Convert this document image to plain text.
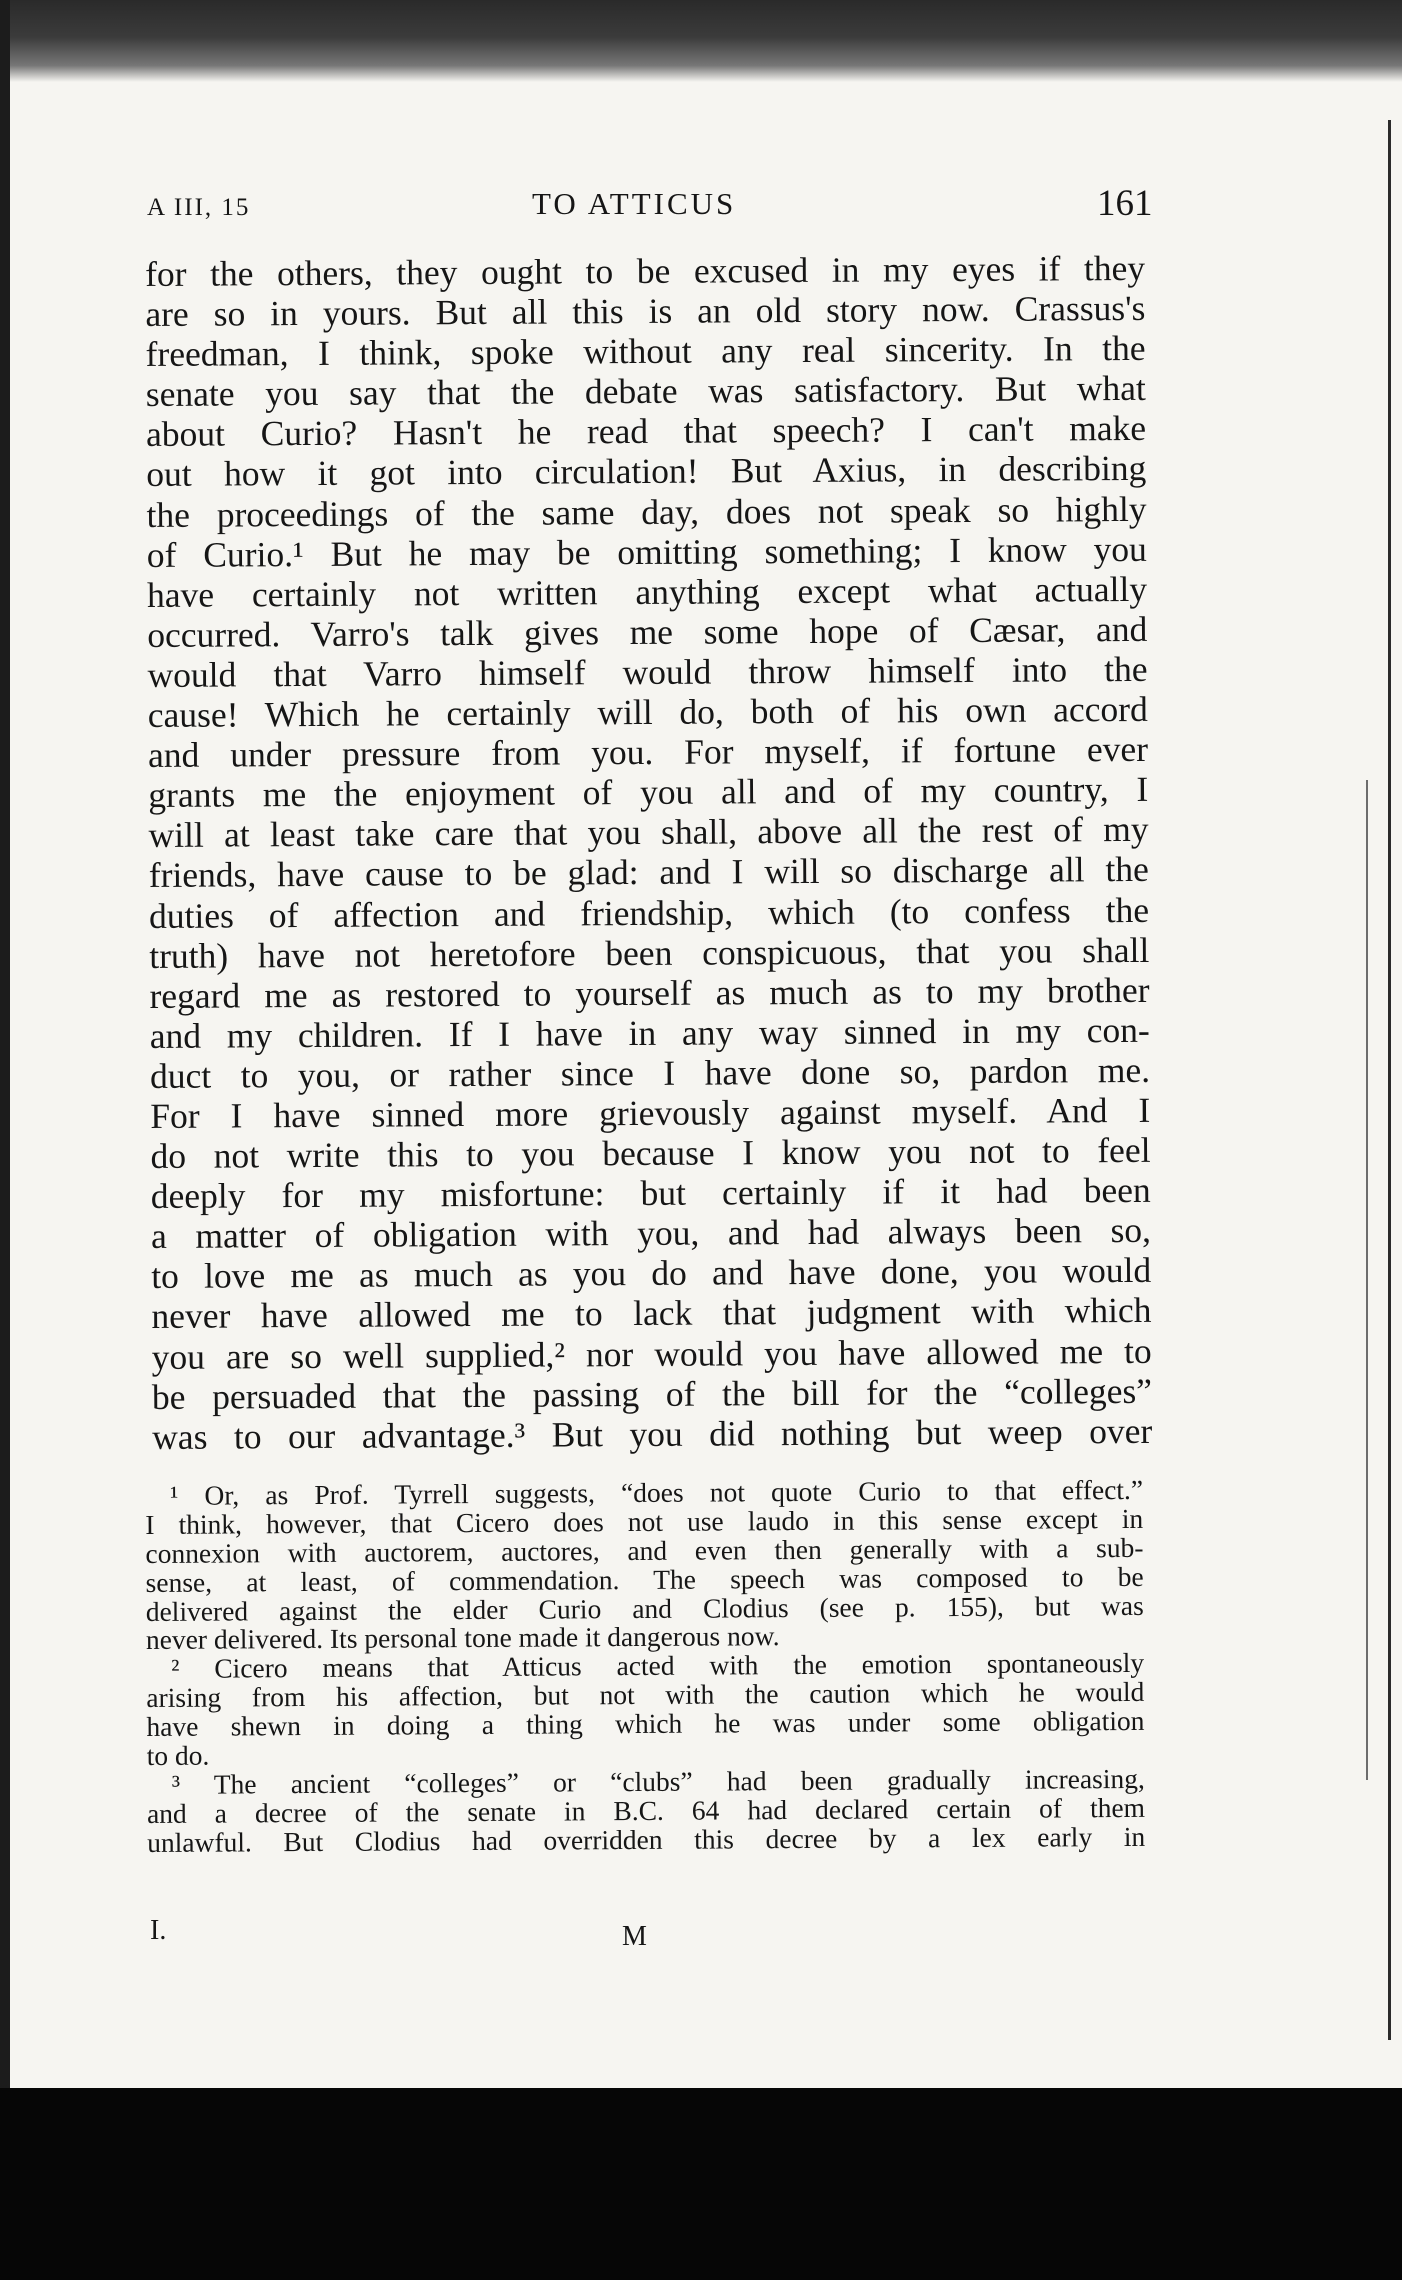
A III, 15	TO ATTICUS	161
for the others, they ought to be excused in my eyes if they
are so in yours. But all this is an old story now. Crassus's
freedman, I think, spoke without any real sincerity. In the
senate you say that the debate was satisfactory. But what
about Curio? Hasn't he read that speech? I can't make
out how it got into circulation! But Axius, in describing
the proceedings of the same day, does not speak so highly
of Curio.¹ But he may be omitting something; I know you
have certainly not written anything except what actually
occurred. Varro's talk gives me some hope of Cæsar, and
would that Varro himself would throw himself into the
cause! Which he certainly will do, both of his own accord
and under pressure from you. For myself, if fortune ever
grants me the enjoyment of you all and of my country, I
will at least take care that you shall, above all the rest of my
friends, have cause to be glad: and I will so discharge all the
duties of affection and friendship, which (to confess the
truth) have not heretofore been conspicuous, that you shall
regard me as restored to yourself as much as to my brother
and my children. If I have in any way sinned in my con-
duct to you, or rather since I have done so, pardon me.
For I have sinned more grievously against myself. And I
do not write this to you because I know you not to feel
deeply for my misfortune: but certainly if it had been
a matter of obligation with you, and had always been so,
to love me as much as you do and have done, you would
never have allowed me to lack that judgment with which
you are so well supplied,² nor would you have allowed me to
be persuaded that the passing of the bill for the “colleges”
was to our advantage.³ But you did nothing but weep over
¹ Or, as Prof. Tyrrell suggests, “does not quote Curio to that effect.”
I think, however, that Cicero does not use laudo in this sense except in
connexion with auctorem, auctores, and even then generally with a sub-
sense, at least, of commendation. The speech was composed to be
delivered against the elder Curio and Clodius (see p. 155), but was
never delivered. Its personal tone made it dangerous now.
² Cicero means that Atticus acted with the emotion spontaneously
arising from his affection, but not with the caution which he would
have shewn in doing a thing which he was under some obligation
to do.
³ The ancient “colleges” or “clubs” had been gradually increasing,
and a decree of the senate in B.C. 64 had declared certain of them
unlawful. But Clodius had overridden this decree by a lex early in
I.	M
